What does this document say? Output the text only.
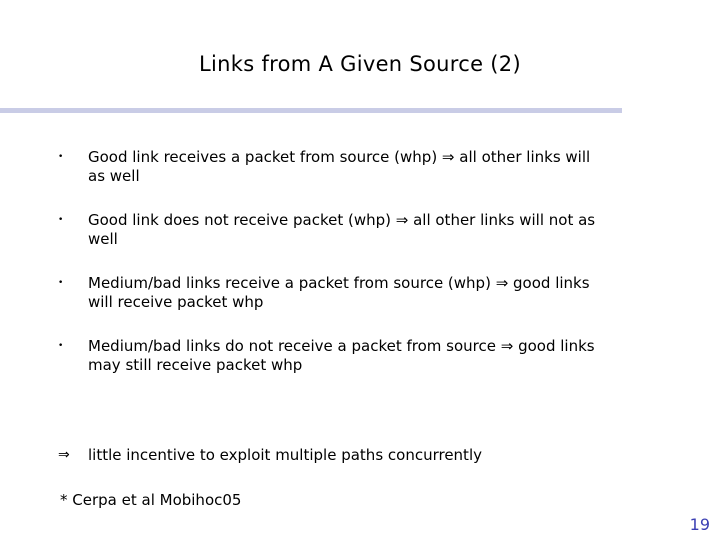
Links from A Given Source (2)
•	Good link receives a packet from source (whp) ⇒ all other links will
as well
•	Good link does not receive packet (whp) ⇒ all other links will not as
well
•	Medium/bad links receive a packet from source (whp) ⇒ good links
will receive packet whp
•	Medium/bad links do not receive a packet from source ⇒ good links
may still receive packet whp
⇒ little incentive to exploit multiple paths concurrently
* Cerpa et al Mobihoc05
19
